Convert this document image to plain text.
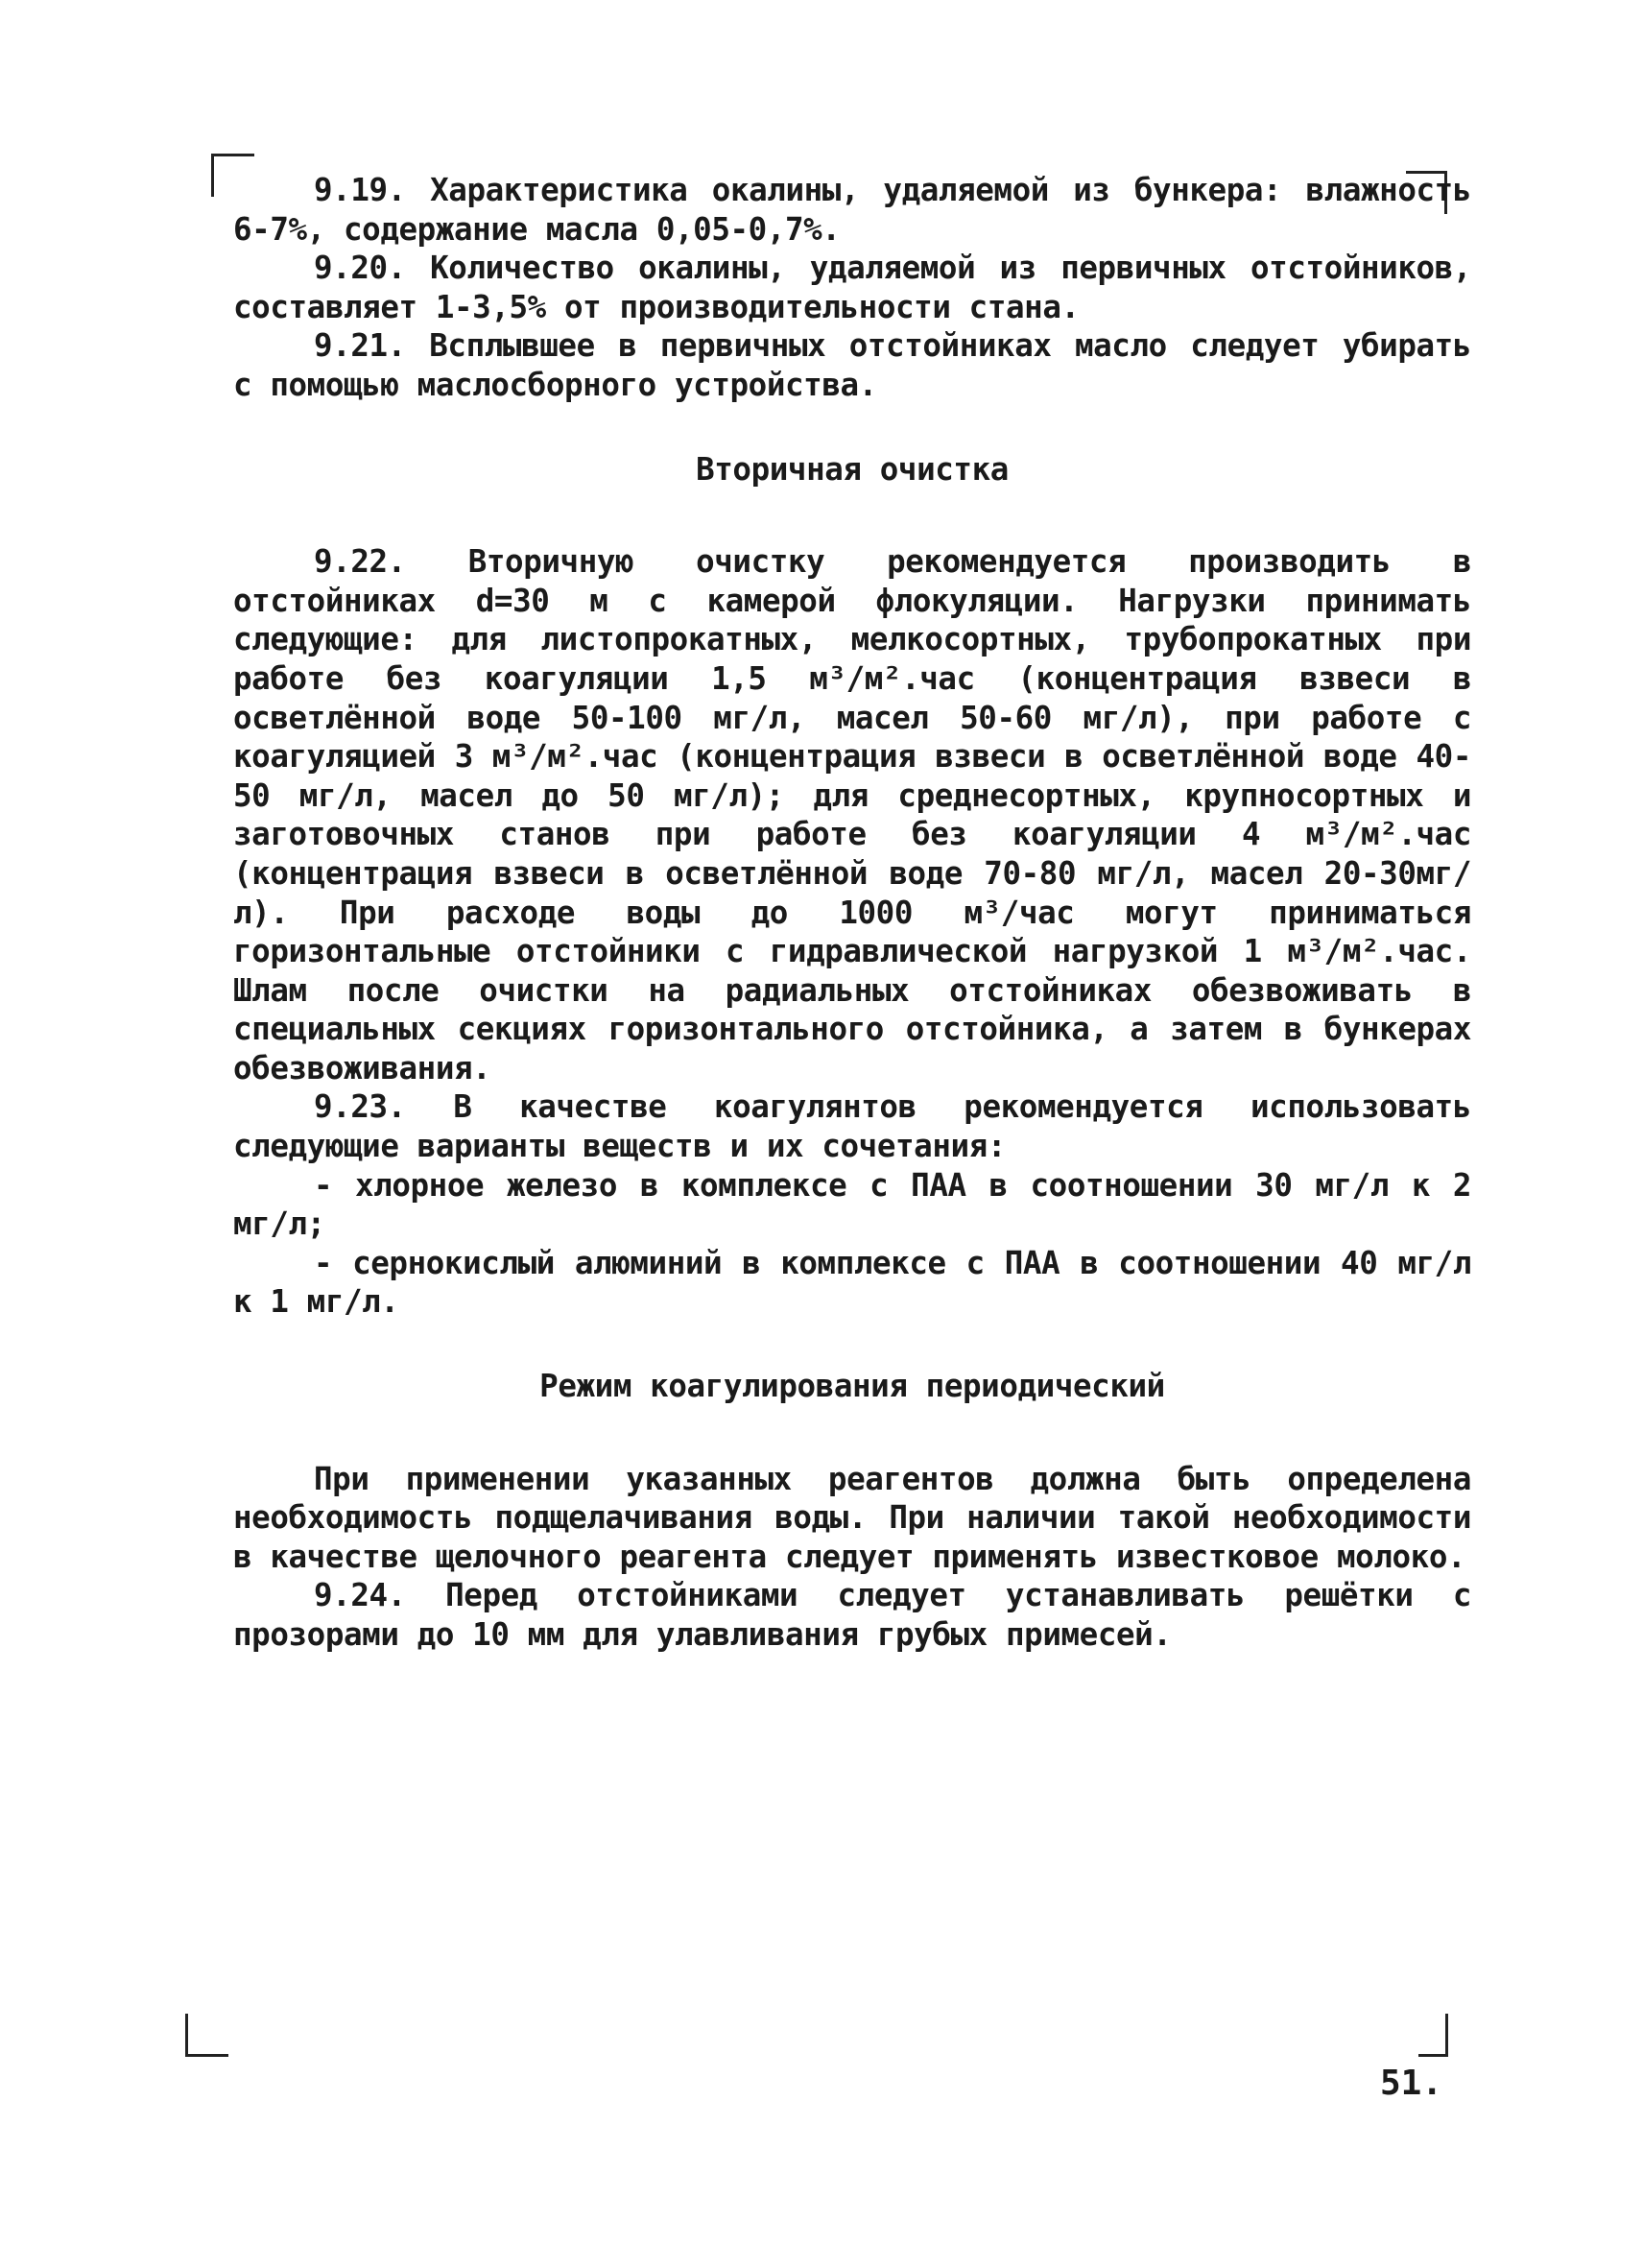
9.19. Характеристика окалины, удаляемой из бункера: влажность 6-7%, содержание масла 0,05-0,7%.

9.20. Количество окалины, удаляемой из первичных отстойников, составляет 1-3,5% от производительности стана.

9.21. Всплывшее в первичных отстойниках масло следует убирать с помощью маслосборного устройства.

Вторичная очистка

9.22. Вторичную очистку рекомендуется производить в отстойниках d=30 м с камерой флокуляции. Нагрузки принимать следующие: для листопрокатных, мелкосортных, трубопрокатных при работе без коагуляции 1,5 м³/м².час (концентрация взвеси в осветлённой воде 50-100 мг/л, масел 50-60 мг/л), при работе с коагуляцией 3 м³/м².час (концентрация взвеси в осветлённой воде 40-50 мг/л, масел до 50 мг/л); для среднесортных, крупносортных и заготовочных станов при работе без коагуляции 4 м³/м².час (концентрация взвеси в осветлённой воде 70-80 мг/л, масел 20-30мг/л). При расходе воды до 1000 м³/час могут приниматься горизонтальные отстойники с гидравлической нагрузкой 1 м³/м².час. Шлам после очистки на радиальных отстойниках обезвоживать в специальных секциях горизонтального отстойника, а затем в бункерах обезвоживания.

9.23. В качестве коагулянтов рекомендуется использовать следующие варианты веществ и их сочетания:

- хлорное железо в комплексе с ПАА в соотношении 30 мг/л к 2 мг/л;

- сернокислый алюминий в комплексе с ПАА в соотношении 40 мг/л к 1 мг/л.

Режим коагулирования периодический

При применении указанных реагентов должна быть определена необходимость подщелачивания воды. При наличии такой необходимости в качестве щелочного реагента следует применять известковое молоко.

9.24. Перед отстойниками следует устанавливать решётки с прозорами до 10 мм для улавливания грубых примесей.

51.
